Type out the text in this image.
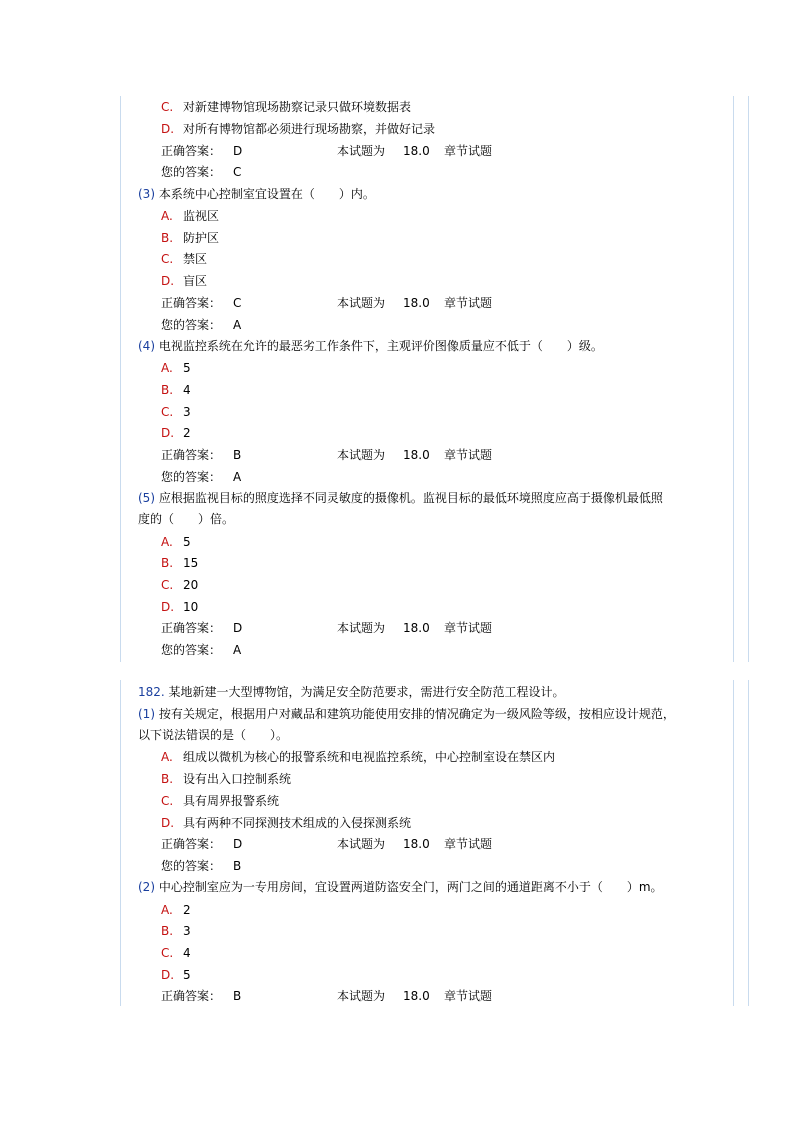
C. 对新建博物馆现场勘察记录只做环境数据表
D. 对所有博物馆都必须进行现场勘察，并做好记录
正确答案： D	本试题为 18.0 章节试题
您的答案： C
(3) 本系统中心控制室宜设置在（　　）内。
A. 监视区
B. 防护区
C. 禁区
D. 盲区
正确答案： C	本试题为 18.0 章节试题
您的答案： A
(4) 电视监控系统在允许的最恶劣工作条件下，主观评价图像质量应不低于（　　）级。
A. 5
B. 4
C. 3
D. 2
正确答案： B	本试题为 18.0 章节试题
您的答案： A
(5) 应根据监视目标的照度选择不同灵敏度的摄像机。监视目标的最低环境照度应高于摄像机最低照
度的（　　）倍。
A. 5
B. 15
C. 20
D. 10
正确答案： D	本试题为 18.0 章节试题
您的答案： A
182. 某地新建一大型博物馆，为满足安全防范要求，需进行安全防范工程设计。
(1) 按有关规定，根据用户对藏品和建筑功能使用安排的情况确定为一级风险等级，按相应设计规范，
以下说法错误的是（　　）。
A. 组成以微机为核心的报警系统和电视监控系统，中心控制室设在禁区内
B. 设有出入口控制系统
C. 具有周界报警系统
D. 具有两种不同探测技术组成的入侵探测系统
正确答案： D	本试题为 18.0 章节试题
您的答案： B
(2) 中心控制室应为一专用房间，宜设置两道防盗安全门，两门之间的通道距离不小于（　　）m。
A. 2
B. 3
C. 4
D. 5
正确答案： B	本试题为 18.0 章节试题
